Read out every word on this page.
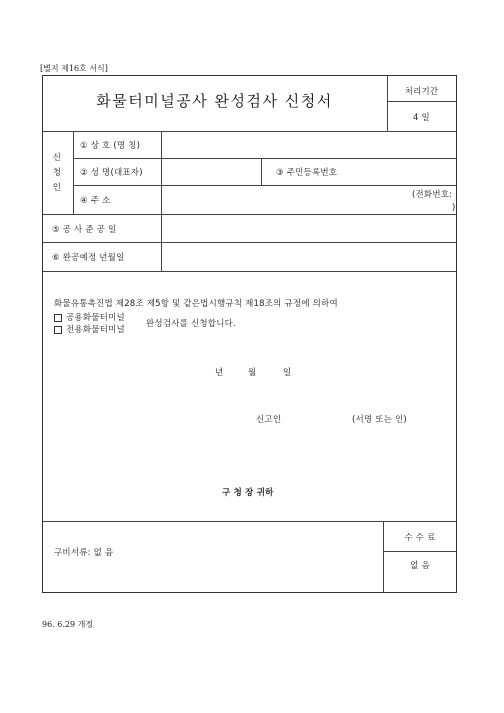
[별지 제16호 서식]
화물터미널공사 완성검사 신청서	처리기간
4 일
신
청
인
① 상 호 (명 칭)
② 성 명(대표자)	③ 주민등록번호
④ 주 소
(전화번호:
)
⑤ 공 사 준 공 일
⑥ 완공예정 년월일
화물유통촉진법 제28조 제5항 및 같은법시행규칙 제18조의 규정에 의하여
공용화물터미널
전용화물터미널
완성검사를 신청합니다.
년	월	일
신고인	(서명 또는 인)
구 청 장 귀하
구비서류: 없 음
수 수 료
없 음
96. 6.29 개정
